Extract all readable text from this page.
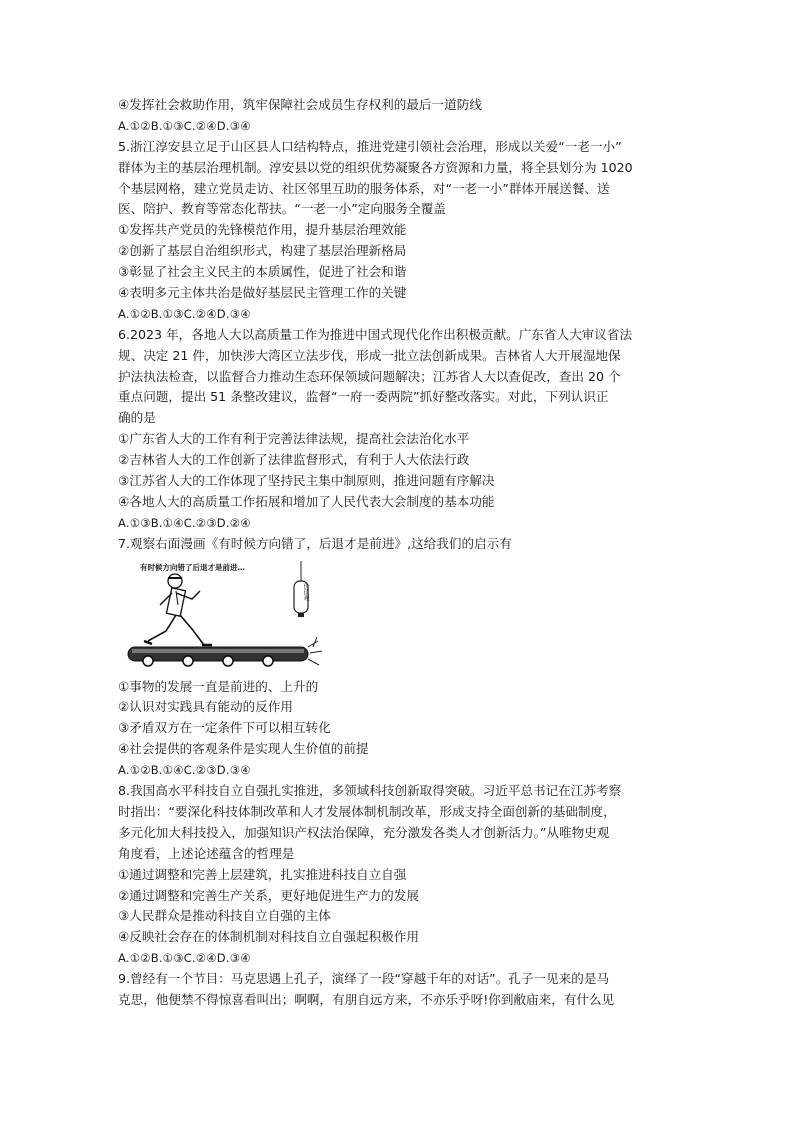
④发挥社会救助作用，筑牢保障社会成员生存权利的最后一道防线
A.①②B.①③C.②④D.③④
5.浙江淳安县立足于山区县人口结构特点，推进党建引领社会治理，形成以关爱“一老一小”
群体为主的基层治理机制。淳安县以党的组织优势凝聚各方资源和力量，将全县划分为 1020
个基层网格，建立党员走访、社区邻里互助的服务体系，对“一老一小”群体开展送餐、送
医、陪护、教育等常态化帮扶。“一老一小”定向服务全覆盖
①发挥共产党员的先锋模范作用，提升基层治理效能
②创新了基层自治组织形式，构建了基层治理新格局
③彰显了社会主义民主的本质属性，促进了社会和谐
④表明多元主体共治是做好基层民主管理工作的关键
A.①②B.①③C.②④D.③④
6.2023 年，各地人大以高质量工作为推进中国式现代化作出积极贡献。广东省人大审议省法
规、决定 21 件，加快涉大湾区立法步伐，形成一批立法创新成果。吉林省人大开展湿地保
护法执法检查，以监督合力推动生态环保领域问题解决；江苏省人大以查促改，查出 20 个
重点问题，提出 51 条整改建议，监督“一府一委两院”抓好整改落实。对此，下列认识正
确的是
①广东省人大的工作有利于完善法律法规，提高社会法治化水平
②吉林省人大的工作创新了法律监督形式，有利于人大依法行政
③江苏省人大的工作体现了坚持民主集中制原则，推进问题有序解决
④各地人大的高质量工作拓展和增加了人民代表大会制度的基本功能
A.①③B.①④C.②③D.②④
7.观察右面漫画《有时候方向错了，后退才是前进》,这给我们的启示有
有时候方向错了后退才是前进…
价值观
①事物的发展一直是前进的、上升的
②认识对实践具有能动的反作用
③矛盾双方在一定条件下可以相互转化
④社会提供的客观条件是实现人生价值的前提
A.①②B.①④C.②③D.③④
8.我国高水平科技自立自强扎实推进，多领域科技创新取得突破。习近平总书记在江苏考察
时指出：“要深化科技体制改革和人才发展体制机制改革，形成支持全面创新的基础制度，
多元化加大科技投入，加强知识产权法治保障，充分激发各类人才创新活力。”从唯物史观
角度看，上述论述蕴含的哲理是
①通过调整和完善上层建筑，扎实推进科技自立自强
②通过调整和完善生产关系，更好地促进生产力的发展
③人民群众是推动科技自立自强的主体
④反映社会存在的体制机制对科技自立自强起积极作用
A.①②B.①③C.②④D.③④
9.曾经有一个节目：马克思遇上孔子，演绎了一段“穿越千年的对话”。孔子一见来的是马
克思，他便禁不得惊喜看叫出；啊啊，有朋自远方来，不亦乐乎呀!你到敝庙来，有什么见
